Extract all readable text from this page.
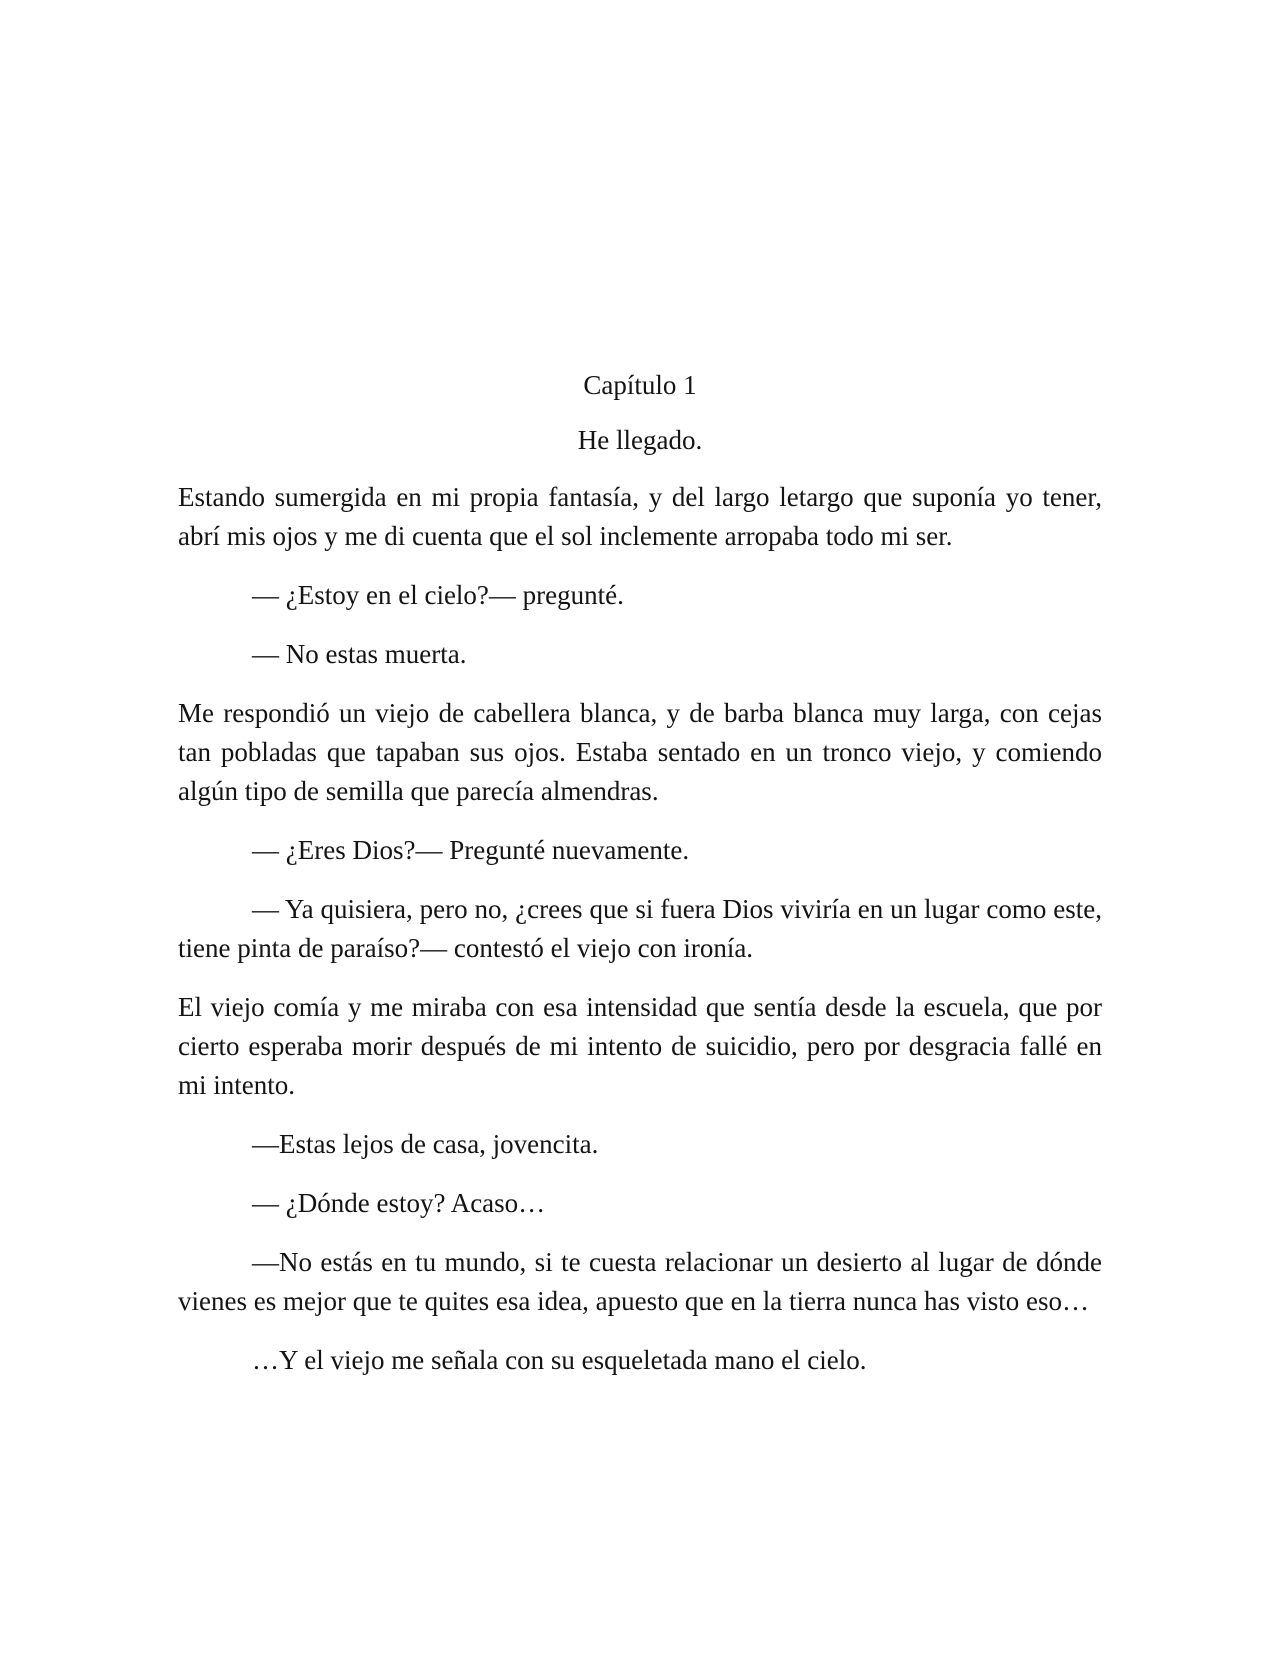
Capítulo 1
He llegado.

Estando sumergida en mi propia fantasía, y del largo letargo que suponía yo tener, abrí mis ojos y me di cuenta que el sol inclemente arropaba todo mi ser.

— ¿Estoy en el cielo?— pregunté.

— No estas muerta.

Me respondió un viejo de cabellera blanca, y de barba blanca muy larga, con cejas tan pobladas que tapaban sus ojos. Estaba sentado en un tronco viejo, y comiendo algún tipo de semilla que parecía almendras.

— ¿Eres Dios?— Pregunté nuevamente.

— Ya quisiera, pero no, ¿crees que si fuera Dios viviría en un lugar como este, tiene pinta de paraíso?— contestó el viejo con ironía.

El viejo comía y me miraba con esa intensidad que sentía desde la escuela, que por cierto esperaba morir después de mi intento de suicidio, pero por desgracia fallé en mi intento.

—Estas lejos de casa, jovencita.

— ¿Dónde estoy? Acaso…

—No estás en tu mundo, si te cuesta relacionar un desierto al lugar de dónde vienes es mejor que te quites esa idea, apuesto que en la tierra nunca has visto eso…

…Y el viejo me señala con su esqueletada mano el cielo.
